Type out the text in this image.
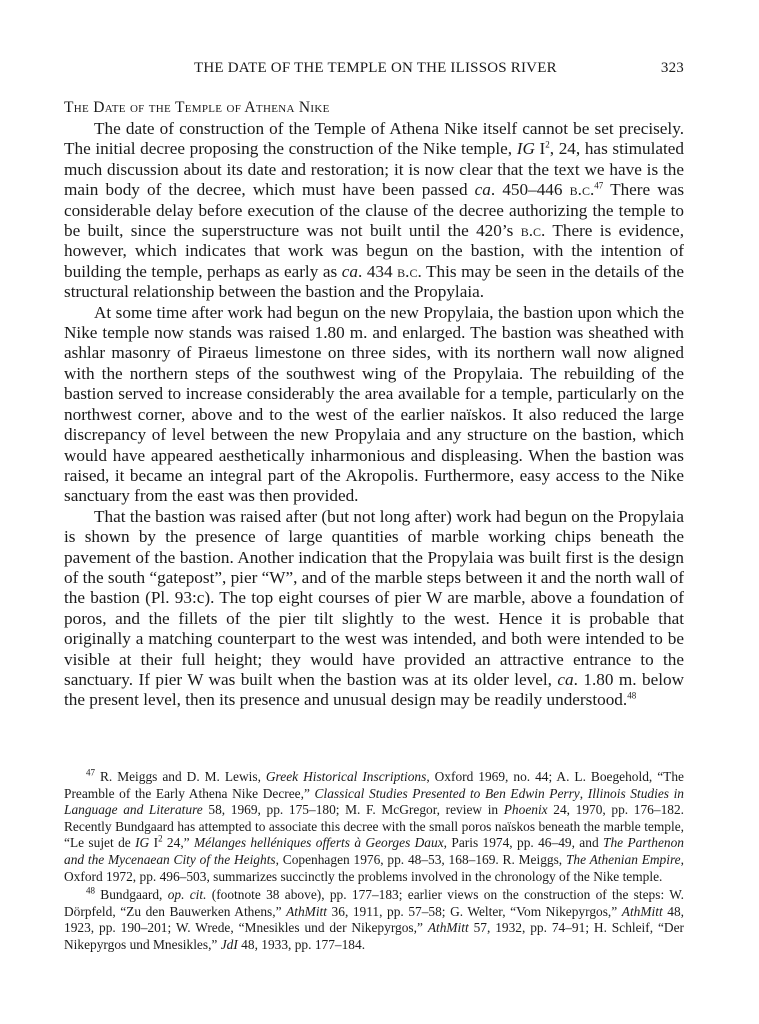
THE DATE OF THE TEMPLE ON THE ILISSOS RIVER	323
The Date of the Temple of Athena Nike

The date of construction of the Temple of Athena Nike itself cannot be set precisely. The initial decree proposing the construction of the Nike temple, IG $I^2$, 24, has stimulated much discussion about its date and restoration; it is now clear that the text we have is the main body of the decree, which must have been passed ca. 450–446 b.c.$^{47}$ There was considerable delay before execution of the clause of the decree authorizing the temple to be built, since the superstructure was not built until the 420’s b.c. There is evidence, however, which indicates that work was begun on the bastion, with the intention of building the temple, perhaps as early as ca. 434 b.c. This may be seen in the details of the structural relationship between the bastion and the Propylaia.

At some time after work had begun on the new Propylaia, the bastion upon which the Nike temple now stands was raised 1.80 m. and enlarged. The bastion was sheathed with ashlar masonry of Piraeus limestone on three sides, with its northern wall now aligned with the northern steps of the southwest wing of the Propylaia. The rebuilding of the bastion served to increase considerably the area available for a temple, particularly on the northwest corner, above and to the west of the earlier naïskos. It also reduced the large discrepancy of level between the new Propylaia and any structure on the bastion, which would have appeared aesthetically inharmonious and displeasing. When the bastion was raised, it became an integral part of the Akropolis. Furthermore, easy access to the Nike sanctuary from the east was then provided.

That the bastion was raised after (but not long after) work had begun on the Propylaia is shown by the presence of large quantities of marble working chips beneath the pavement of the bastion. Another indication that the Propylaia was built first is the design of the south “gatepost”, pier “W”, and of the marble steps between it and the north wall of the bastion (Pl. 93:c). The top eight courses of pier W are marble, above a foundation of poros, and the fillets of the pier tilt slightly to the west. Hence it is probable that originally a matching counterpart to the west was intended, and both were intended to be visible at their full height; they would have provided an attractive entrance to the sanctuary. If pier W was built when the bastion was at its older level, ca. 1.80 m. below the present level, then its presence and unusual design may be readily understood.$^{48}$

$^{47}$ R. Meiggs and D. M. Lewis, Greek Historical Inscriptions, Oxford 1969, no. 44; A. L. Boegehold, “The Preamble of the Early Athena Nike Decree,” Classical Studies Presented to Ben Edwin Perry, Illinois Studies in Language and Literature 58, 1969, pp. 175–180; M. F. McGregor, review in Phoenix 24, 1970, pp. 176–182. Recently Bundgaard has attempted to associate this decree with the small poros naïskos beneath the marble temple, “Le sujet de IG $I^2$ 24,” Mélanges helléniques offerts à Georges Daux, Paris 1974, pp. 46–49, and The Parthenon and the Mycenaean City of the Heights, Copenhagen 1976, pp. 48–53, 168–169. R. Meiggs, The Athenian Empire, Oxford 1972, pp. 496–503, summarizes succinctly the problems involved in the chronology of the Nike temple.

$^{48}$ Bundgaard, op. cit. (footnote 38 above), pp. 177–183; earlier views on the construction of the steps: W. Dörpfeld, “Zu den Bauwerken Athens,” AthMitt 36, 1911, pp. 57–58; G. Welter, “Vom Nikepyrgos,” AthMitt 48, 1923, pp. 190–201; W. Wrede, “Mnesikles und der Nikepyrgos,” AthMitt 57, 1932, pp. 74–91; H. Schleif, “Der Nikepyrgos und Mnesikles,” JdI 48, 1933, pp. 177–184.
